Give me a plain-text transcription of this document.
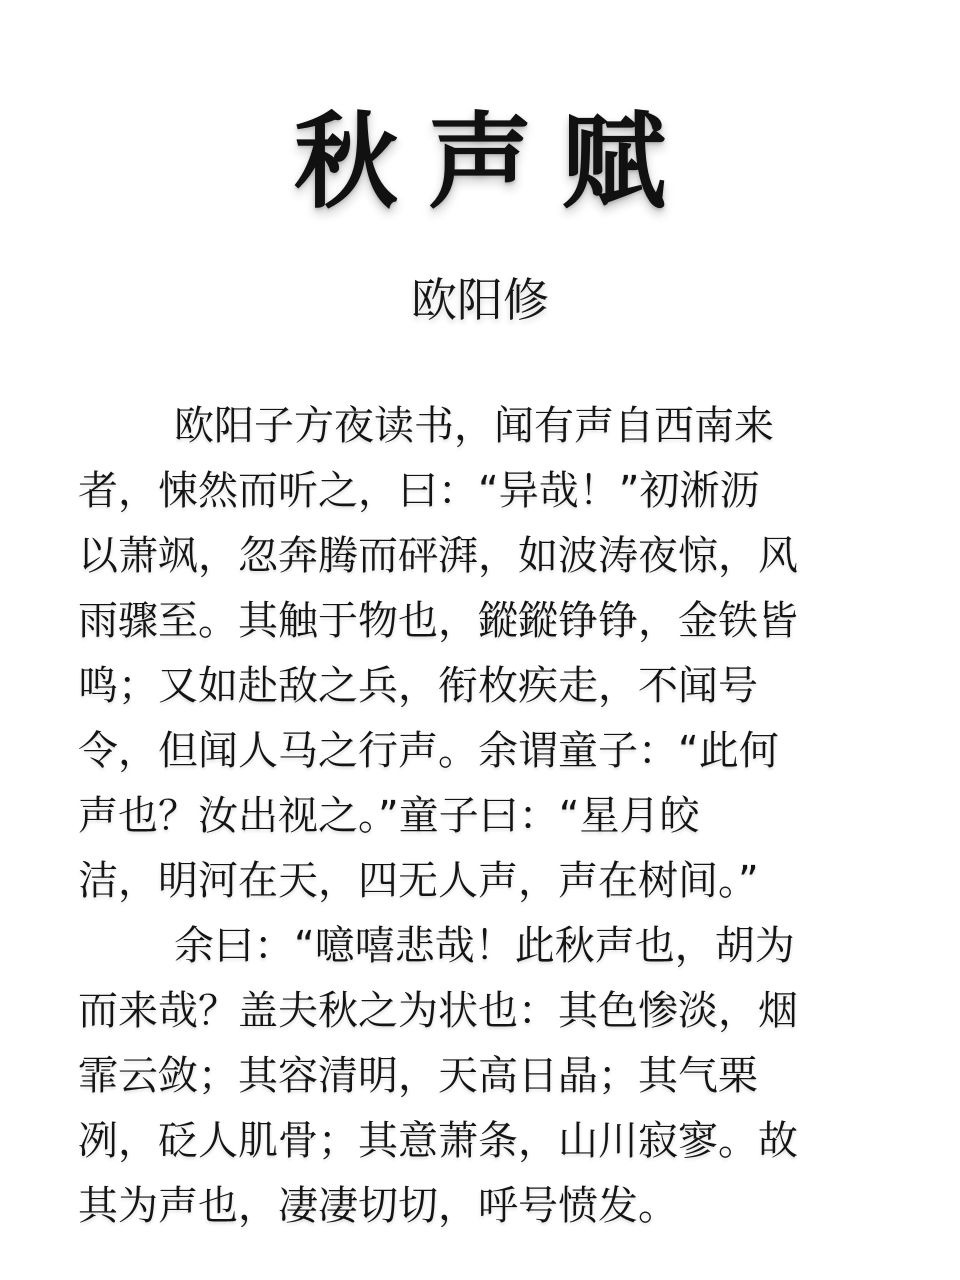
秋声赋
欧阳修
欧阳子方夜读书，闻有声自西南来
者，悚然而听之，曰：“异哉！”初淅沥
以萧飒，忽奔腾而砰湃，如波涛夜惊，风
雨骤至。其触于物也，鏦鏦铮铮，金铁皆
鸣；又如赴敌之兵，衔枚疾走，不闻号
令，但闻人马之行声。余谓童子：“此何
声也？汝出视之。”童子曰：“星月皎
洁，明河在天，四无人声，声在树间。”
余曰：“噫嘻悲哉！此秋声也，胡为
而来哉？盖夫秋之为状也：其色惨淡，烟
霏云敛；其容清明，天高日晶；其气栗
冽，砭人肌骨；其意萧条，山川寂寥。故
其为声也，凄凄切切，呼号愤发。
